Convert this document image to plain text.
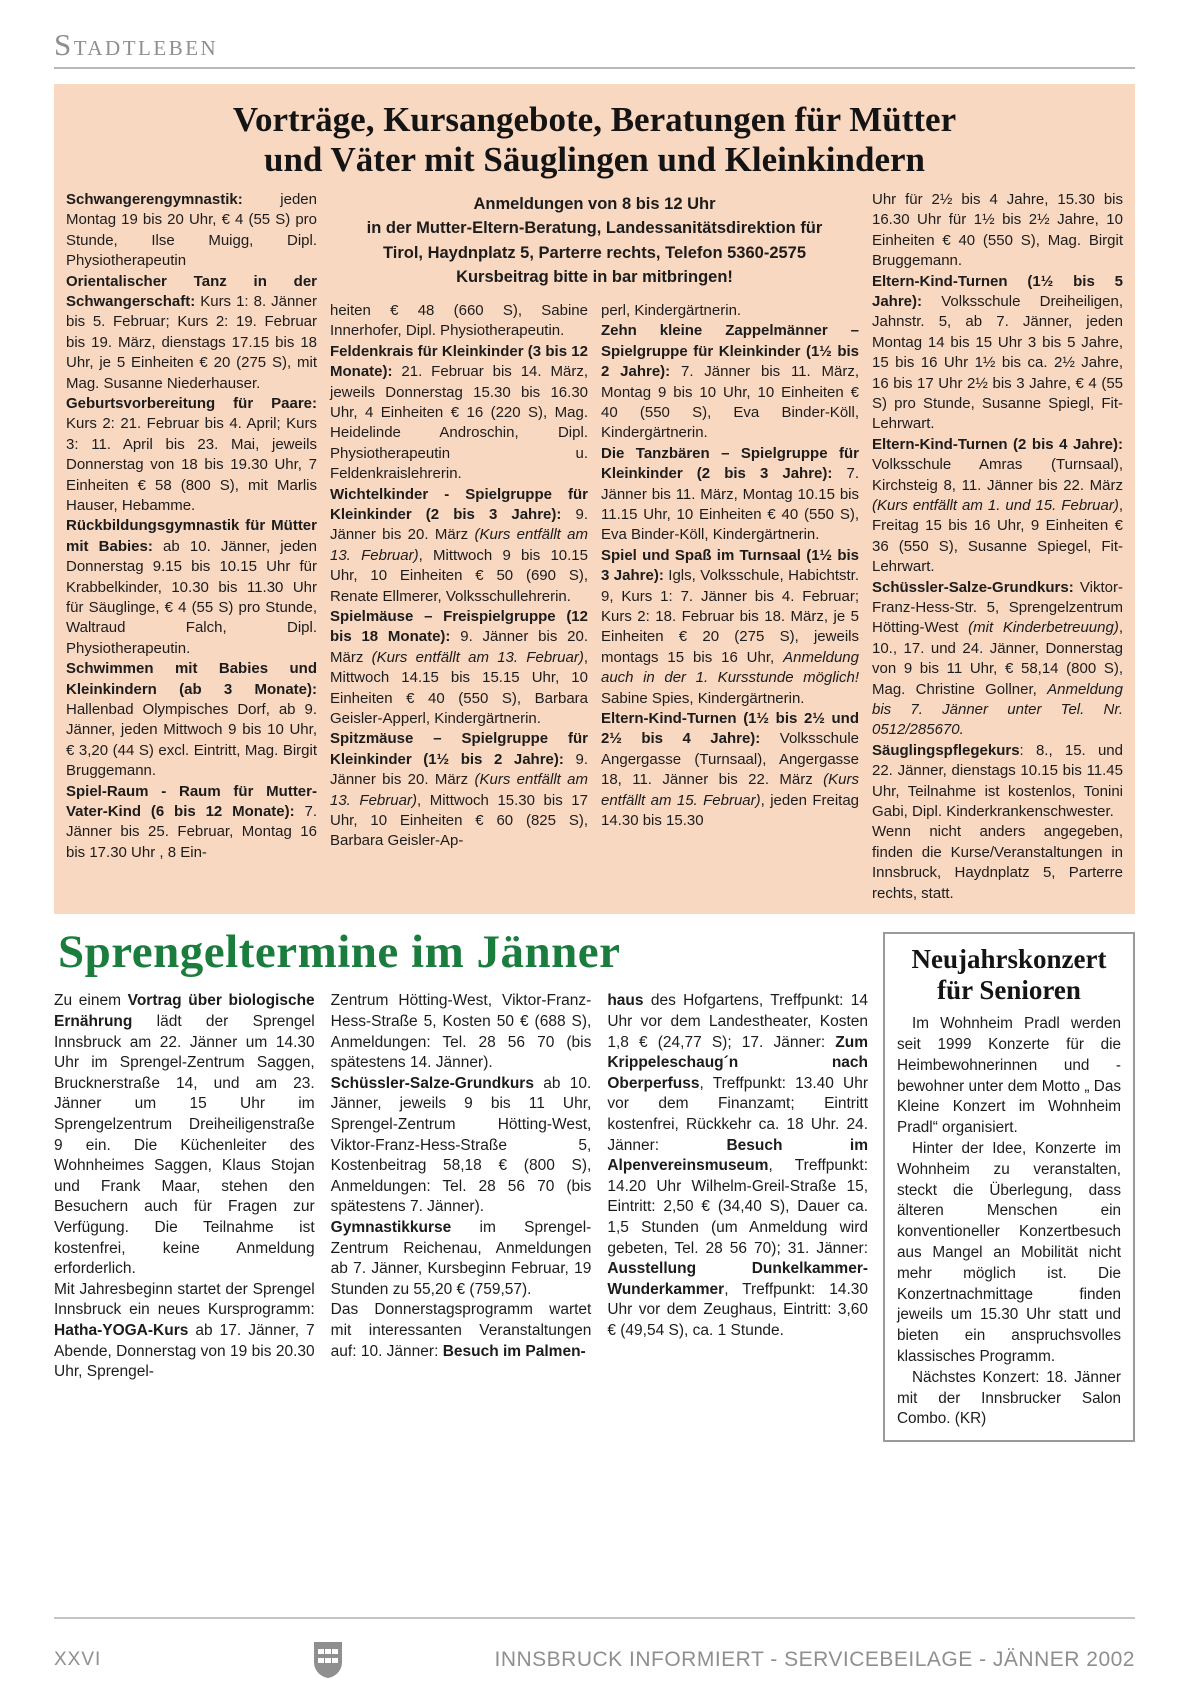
STADTLEBEN
Vorträge, Kursangebote, Beratungen für Mütter
und Väter mit Säuglingen und Kleinkindern

Schwangerengymnastik: jeden Montag 19 bis 20 Uhr, € 4 (55 S) pro Stunde, Ilse Muigg, Dipl. Physiotherapeutin

Orientalischer Tanz in der Schwangerschaft: Kurs 1: 8. Jänner bis 5. Februar; Kurs 2: 19. Februar bis 19. März, dienstags 17.15 bis 18 Uhr, je 5 Einheiten € 20 (275 S), mit Mag. Susanne Niederhauser.

Geburtsvorbereitung für Paare: Kurs 2: 21. Februar bis 4. April; Kurs 3: 11. April bis 23. Mai, jeweils Donnerstag von 18 bis 19.30 Uhr, 7 Einheiten € 58 (800 S), mit Marlis Hauser, Hebamme.

Rückbildungsgymnastik für Mütter mit Babies: ab 10. Jänner, jeden Donnerstag 9.15 bis 10.15 Uhr für Krabbelkinder, 10.30 bis 11.30 Uhr für Säuglinge, € 4 (55 S) pro Stunde, Waltraud Falch, Dipl. Physiotherapeutin.

Schwimmen mit Babies und Kleinkindern (ab 3 Monate): Hallenbad Olympisches Dorf, ab 9. Jänner, jeden Mittwoch 9 bis 10 Uhr, € 3,20 (44 S) excl. Eintritt, Mag. Birgit Bruggemann.

Spiel-Raum - Raum für Mutter-Vater-Kind (6 bis 12 Monate): 7. Jänner bis 25. Februar, Montag 16 bis 17.30 Uhr , 8 Ein-

Anmeldungen von 8 bis 12 Uhr
in der Mutter-Eltern-Beratung, Landessanitätsdirektion für
Tirol, Haydnplatz 5, Parterre rechts, Telefon 5360-2575
Kursbeitrag bitte in bar mitbringen!

heiten € 48 (660 S), Sabine Innerhofer, Dipl. Physiotherapeutin.

Feldenkrais für Kleinkinder (3 bis 12 Monate): 21. Februar bis 14. März, jeweils Donnerstag 15.30 bis 16.30 Uhr, 4 Einheiten € 16 (220 S), Mag. Heidelinde Androschin, Dipl. Physiotherapeutin u. Feldenkraislehrerin.

Wichtelkinder - Spielgruppe für Kleinkinder (2 bis 3 Jahre): 9. Jänner bis 20. März (Kurs entfällt am 13. Februar), Mittwoch 9 bis 10.15 Uhr, 10 Einheiten € 50 (690 S), Renate Ellmerer, Volksschullehrerin.

Spielmäuse – Freispielgruppe (12 bis 18 Monate): 9. Jänner bis 20. März (Kurs entfällt am 13. Februar), Mittwoch 14.15 bis 15.15 Uhr, 10 Einheiten € 40 (550 S), Barbara Geisler-Apperl, Kindergärtnerin.

Spitzmäuse – Spielgruppe für Kleinkinder (1½ bis 2 Jahre): 9. Jänner bis 20. März (Kurs entfällt am 13. Februar), Mittwoch 15.30 bis 17 Uhr, 10 Einheiten € 60 (825 S), Barbara Geisler-Ap-

perl, Kindergärtnerin.

Zehn kleine Zappelmänner – Spielgruppe für Kleinkinder (1½ bis 2 Jahre): 7. Jänner bis 11. März, Montag 9 bis 10 Uhr, 10 Einheiten € 40 (550 S), Eva Binder-Köll, Kindergärtnerin.

Die Tanzbären – Spielgruppe für Kleinkinder (2 bis 3 Jahre): 7. Jänner bis 11. März, Montag 10.15 bis 11.15 Uhr, 10 Einheiten € 40 (550 S), Eva Binder-Köll, Kindergärtnerin.

Spiel und Spaß im Turnsaal (1½ bis 3 Jahre): Igls, Volksschule, Habichtstr. 9, Kurs 1: 7. Jänner bis 4. Februar; Kurs 2: 18. Februar bis 18. März, je 5 Einheiten € 20 (275 S), jeweils montags 15 bis 16 Uhr, Anmeldung auch in der 1. Kursstunde möglich! Sabine Spies, Kindergärtnerin.

Eltern-Kind-Turnen (1½ bis 2½ und 2½ bis 4 Jahre): Volksschule Angergasse (Turnsaal), Angergasse 18, 11. Jänner bis 22. März (Kurs entfällt am 15. Februar), jeden Freitag 14.30 bis 15.30

Uhr für 2½ bis 4 Jahre, 15.30 bis 16.30 Uhr für 1½ bis 2½ Jahre, 10 Einheiten € 40 (550 S), Mag. Birgit Bruggemann.

Eltern-Kind-Turnen (1½ bis 5 Jahre): Volksschule Dreiheiligen, Jahnstr. 5, ab 7. Jänner, jeden Montag 14 bis 15 Uhr 3 bis 5 Jahre, 15 bis 16 Uhr 1½ bis ca. 2½ Jahre, 16 bis 17 Uhr 2½ bis 3 Jahre, € 4 (55 S) pro Stunde, Susanne Spiegl, Fit-Lehrwart.

Eltern-Kind-Turnen (2 bis 4 Jahre): Volksschule Amras (Turnsaal), Kirchsteig 8, 11. Jänner bis 22. März (Kurs entfällt am 1. und 15. Februar), Freitag 15 bis 16 Uhr, 9 Einheiten € 36 (550 S), Susanne Spiegel, Fit-Lehrwart.

Schüssler-Salze-Grundkurs: Viktor-Franz-Hess-Str. 5, Sprengelzentrum Hötting-West (mit Kinderbetreuung), 10., 17. und 24. Jänner, Donnerstag von 9 bis 11 Uhr, € 58,14 (800 S), Mag. Christine Gollner, Anmeldung bis 7. Jänner unter Tel. Nr. 0512/285670.

Säuglingspflegekurs: 8., 15. und 22. Jänner, dienstags 10.15 bis 11.45 Uhr, Teilnahme ist kostenlos, Tonini Gabi, Dipl. Kinderkrankenschwester.

Wenn nicht anders angegeben, finden die Kurse/Veranstaltungen in Innsbruck, Haydnplatz 5, Parterre rechts, statt.

Sprengeltermine im Jänner

Zu einem Vortrag über biologische Ernährung lädt der Sprengel Innsbruck am 22. Jänner um 14.30 Uhr im Sprengel-Zentrum Saggen, Brucknerstraße 14, und am 23. Jänner um 15 Uhr im Sprengelzentrum Dreiheiligenstraße 9 ein. Die Küchenleiter des Wohnheimes Saggen, Klaus Stojan und Frank Maar, stehen den Besuchern auch für Fragen zur Verfügung. Die Teilnahme ist kostenfrei, keine Anmeldung erforderlich.

Mit Jahresbeginn startet der Sprengel Innsbruck ein neues Kursprogramm: Hatha-YOGA-Kurs ab 17. Jänner, 7 Abende, Donnerstag von 19 bis 20.30 Uhr, Sprengel-

Zentrum Hötting-West, Viktor-Franz-Hess-Straße 5, Kosten 50 € (688 S), Anmeldungen: Tel. 28 56 70 (bis spätestens 14. Jänner).

Schüssler-Salze-Grundkurs ab 10. Jänner, jeweils 9 bis 11 Uhr, Sprengel-Zentrum Hötting-West, Viktor-Franz-Hess-Straße 5, Kostenbeitrag 58,18 € (800 S), Anmeldungen: Tel. 28 56 70 (bis spätestens 7. Jänner).

Gymnastikkurse im Sprengel-Zentrum Reichenau, Anmeldungen ab 7. Jänner, Kursbeginn Februar, 19 Stunden zu 55,20 € (759,57).

Das Donnerstagsprogramm wartet mit interessanten Veranstaltungen auf: 10. Jänner: Besuch im Palmen-

haus des Hofgartens, Treffpunkt: 14 Uhr vor dem Landestheater, Kosten 1,8 € (24,77 S); 17. Jänner: Zum Krippeleschaug´n nach Oberperfuss, Treffpunkt: 13.40 Uhr vor dem Finanzamt; Eintritt kostenfrei, Rückkehr ca. 18 Uhr. 24. Jänner: Besuch im Alpenvereinsmuseum, Treffpunkt: 14.20 Uhr Wilhelm-Greil-Straße 15, Eintritt: 2,50 € (34,40 S), Dauer ca. 1,5 Stunden (um Anmeldung wird gebeten, Tel. 28 56 70); 31. Jänner: Ausstellung Dunkelkammer-Wunderkammer, Treffpunkt: 14.30 Uhr vor dem Zeughaus, Eintritt: 3,60 € (49,54 S), ca. 1 Stunde.

Neujahrskonzert
für Senioren

Im Wohnheim Pradl werden seit 1999 Konzerte für die Heimbewohnerinnen und -bewohner unter dem Motto „ Das Kleine Konzert im Wohnheim Pradl“ organisiert.

Hinter der Idee, Konzerte im Wohnheim zu veranstalten, steckt die Überlegung, dass älteren Menschen ein konventioneller Konzertbesuch aus Mangel an Mobilität nicht mehr möglich ist. Die Konzertnachmittage finden jeweils um 15.30 Uhr statt und bieten ein anspruchsvolles klassisches Programm.

Nächstes Konzert: 18. Jänner mit der Innsbrucker Salon Combo. (KR)

XXVI	INNSBRUCK INFORMIERT - SERVICEBEILAGE - JÄNNER 2002
